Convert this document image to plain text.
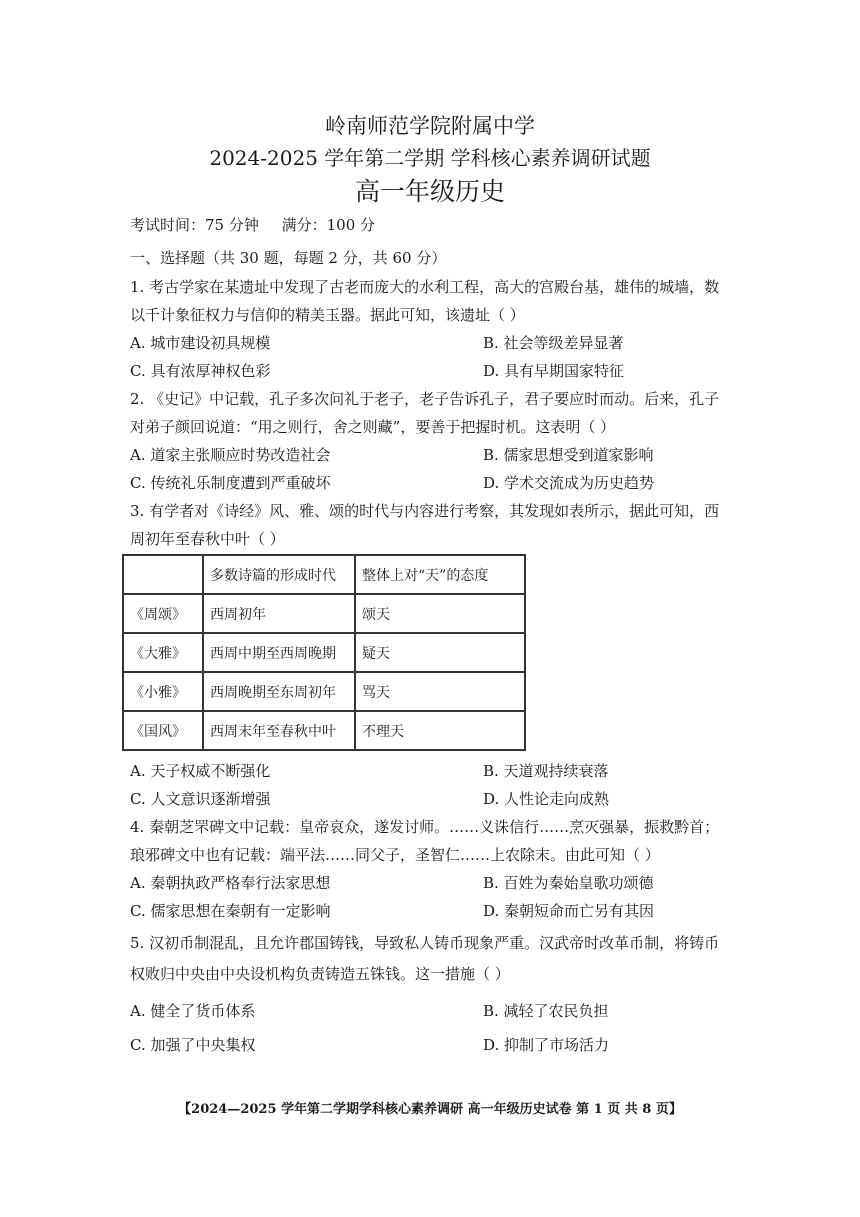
岭南师范学院附属中学
2024-2025 学年第二学期 学科核心素养调研试题
高一年级历史
考试时间：75 分钟 满分：100 分
一、选择题（共 30 题，每题 2 分，共 60 分）
1. 考古学家在某遗址中发现了古老而庞大的水利工程，高大的宫殿台基，雄伟的城墙，数
以千计象征权力与信仰的精美玉器。据此可知，该遗址（ ）
A. 城市建设初具规模	B. 社会等级差异显著
C. 具有浓厚神权色彩	D. 具有早期国家特征
2. 《史记》中记载，孔子多次问礼于老子，老子告诉孔子，君子要应时而动。后来，孔子
对弟子颜回说道：“用之则行，舍之则藏”，要善于把握时机。这表明（ ）
A. 道家主张顺应时势改造社会	B. 儒家思想受到道家影响
C. 传统礼乐制度遭到严重破坏	D. 学术交流成为历史趋势
3. 有学者对《诗经》风、雅、颂的时代与内容进行考察，其发现如表所示，据此可知，西
周初年至春秋中叶（ ）
	多数诗篇的形成时代	整体上对“天”的态度
《周颂》	西周初年	颂天
《大雅》	西周中期至西周晚期	疑天
《小雅》	西周晚期至东周初年	骂天
《国风》	西周末年至春秋中叶	不理天
A. 天子权威不断强化	B. 天道观持续衰落
C. 人文意识逐渐增强	D. 人性论走向成熟
4. 秦朝芝罘碑文中记载：皇帝哀众，遂发讨师。……义诛信行……烹灭强暴，振救黔首；
琅邪碑文中也有记载：端平法……同父子，圣智仁……上农除末。由此可知（ ）
A. 秦朝执政严格奉行法家思想	B. 百姓为秦始皇歌功颂德
C. 儒家思想在秦朝有一定影响	D. 秦朝短命而亡另有其因
5. 汉初币制混乱，且允许郡国铸钱，导致私人铸币现象严重。汉武帝时改革币制，将铸币
权败归中央由中央设机构负责铸造五铢钱。这一措施（ ）
A. 健全了货币体系	B. 减轻了农民负担
C. 加强了中央集权	D. 抑制了市场活力
【2024—2025 学年第二学期学科核心素养调研 高一年级历史试卷 第 1 页 共 8 页】
